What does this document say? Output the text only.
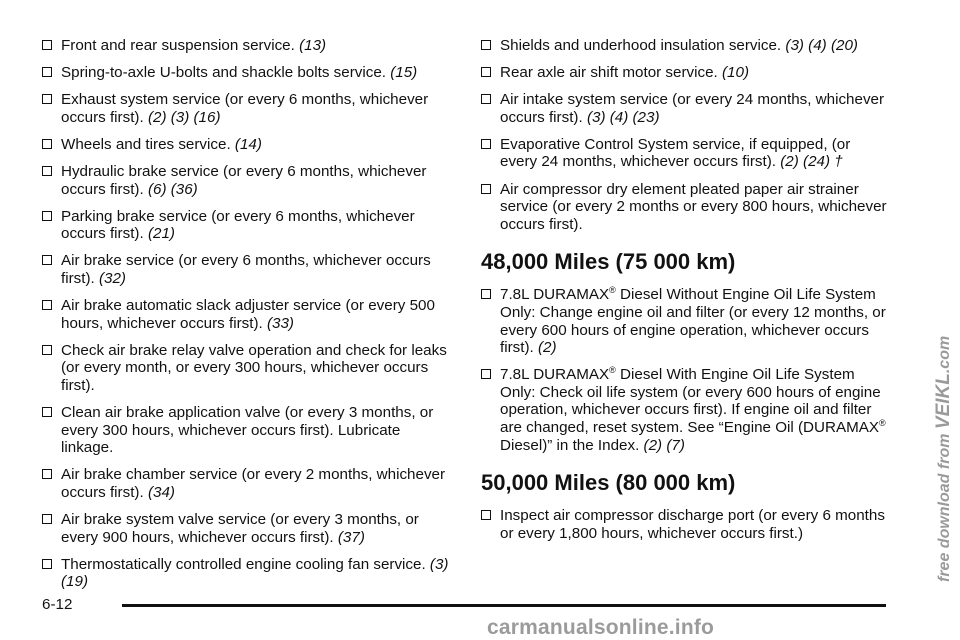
Front and rear suspension service. (13)
Spring-to-axle U-bolts and shackle bolts service. (15)
Exhaust system service (or every 6 months, whichever occurs first). (2) (3) (16)
Wheels and tires service. (14)
Hydraulic brake service (or every 6 months, whichever occurs first). (6) (36)
Parking brake service (or every 6 months, whichever occurs first). (21)
Air brake service (or every 6 months, whichever occurs first). (32)
Air brake automatic slack adjuster service (or every 500 hours, whichever occurs first). (33)
Check air brake relay valve operation and check for leaks (or every month, or every 300 hours, whichever occurs first).
Clean air brake application valve (or every 3 months, or every 300 hours, whichever occurs first). Lubricate linkage.
Air brake chamber service (or every 2 months, whichever occurs first). (34)
Air brake system valve service (or every 3 months, or every 900 hours, whichever occurs first). (37)
Thermostatically controlled engine cooling fan service. (3) (19)
Shields and underhood insulation service. (3) (4) (20)
Rear axle air shift motor service. (10)
Air intake system service (or every 24 months, whichever occurs first). (3) (4) (23)
Evaporative Control System service, if equipped, (or every 24 months, whichever occurs first). (2) (24) †
Air compressor dry element pleated paper air strainer service (or every 2 months or every 800 hours, whichever occurs first).
48,000 Miles (75 000 km)
7.8L DURAMAX® Diesel Without Engine Oil Life System Only: Change engine oil and filter (or every 12 months, or every 600 hours of engine operation, whichever occurs first). (2)
7.8L DURAMAX® Diesel With Engine Oil Life System Only: Check oil life system (or every 600 hours of engine operation, whichever occurs first). If engine oil and filter are changed, reset system. See “Engine Oil (DURAMAX® Diesel)” in the Index. (2) (7)
50,000 Miles (80 000 km)
Inspect air compressor discharge port (or every 6 months or every 1,800 hours, whichever occurs first.)
6-12
carmanualsonline.info
free download from VEIKL.com
